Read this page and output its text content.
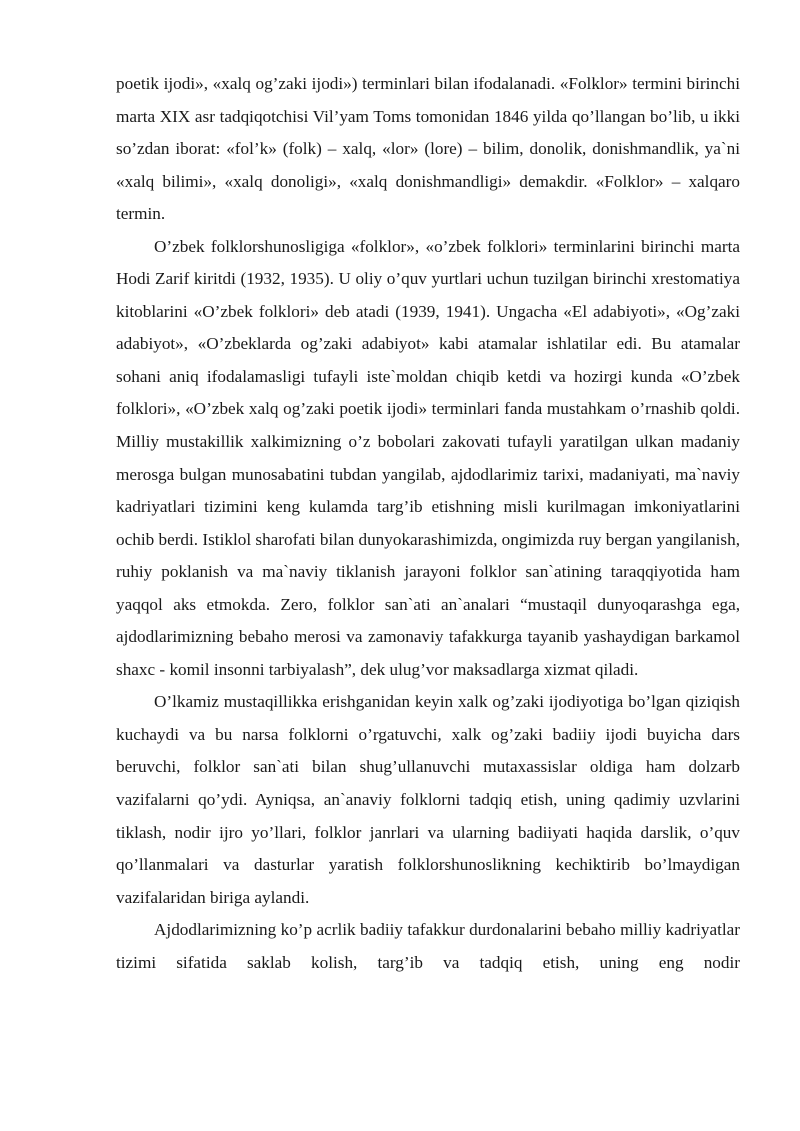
poetik ijodi», «xalq og’zaki ijodi») terminlari bilan ifodalanadi. «Folklor» termini birinchi marta XIX asr tadqiqotchisi Vil’yam Toms tomonidan 1846 yilda qo’llangan bo’lib, u ikki so’zdan iborat: «fol’k» (folk) – xalq, «lor» (lore) – bilim, donolik, donishmandlik, ya`ni «xalq bilimi», «xalq donoligi», «xalq donishmandligi» demakdir. «Folklor» – xalqaro termin.

O’zbek folklorshunosligiga «folklor», «o’zbek folklori» terminlarini birinchi marta Hodi Zarif kiritdi (1932, 1935). U oliy o’quv yurtlari uchun tuzilgan birinchi xrestomatiya kitoblarini «O’zbek folklori» deb atadi (1939, 1941). Ungacha «El adabiyoti», «Og’zaki adabiyot», «O’zbeklarda og’zaki adabiyot» kabi atamalar ishlatilar edi. Bu atamalar sohani aniq ifodalamasligi tufayli iste`moldan chiqib ketdi va hozirgi kunda «O’zbek folklori», «O’zbek xalq og’zaki poetik ijodi» terminlari fanda mustahkam o’rnashib qoldi. Milliy mustakillik xalkimizning o’z bobolari zakovati tufayli yaratilgan ulkan madaniy merosga bulgan munosabatini tubdan yangilab, ajdodlarimiz tarixi, madaniyati, ma`naviy kadriyatlari tizimini keng kulamda targ’ib etishning misli kurilmagan imkoniyatlarini ochib berdi. Istiklol sharofati bilan dunyokarashimizda, ongimizda ruy bergan yangilanish, ruhiy poklanish va ma`naviy tiklanish jarayoni folklor san`atining taraqqiyotida ham yaqqol aks etmokda. Zero, folklor san`ati an`analari “mustaqil dunyoqarashga ega, ajdodlarimizning bebaho merosi va zamonaviy tafakkurga tayanib yashaydigan barkamol shaxc - komil insonni tarbiyalash”, dek ulug’vor maksadlarga xizmat qiladi.

O’lkamiz mustaqillikka erishganidan keyin xalk og’zaki ijodiyotiga bo’lgan qiziqish kuchaydi va bu narsa folklorni o’rgatuvchi, xalk og’zaki badiiy ijodi buyicha dars beruvchi, folklor san`ati bilan shug’ullanuvchi mutaxassislar oldiga ham dolzarb vazifalarni qo’ydi. Ayniqsa, an`anaviy folklorni tadqiq etish, uning qadimiy uzvlarini tiklash, nodir ijro yo’llari, folklor janrlari va ularning badiiyati haqida darslik, o’quv qo’llanmalari va dasturlar yaratish folklorshunoslikning kechiktirib bo’lmaydigan vazifalaridan biriga aylandi.

Ajdodlarimizning ko’p acrlik badiiy tafakkur durdonalarini bebaho milliy kadriyatlar tizimi sifatida saklab kolish, targ’ib va tadqiq etish, uning eng nodir
